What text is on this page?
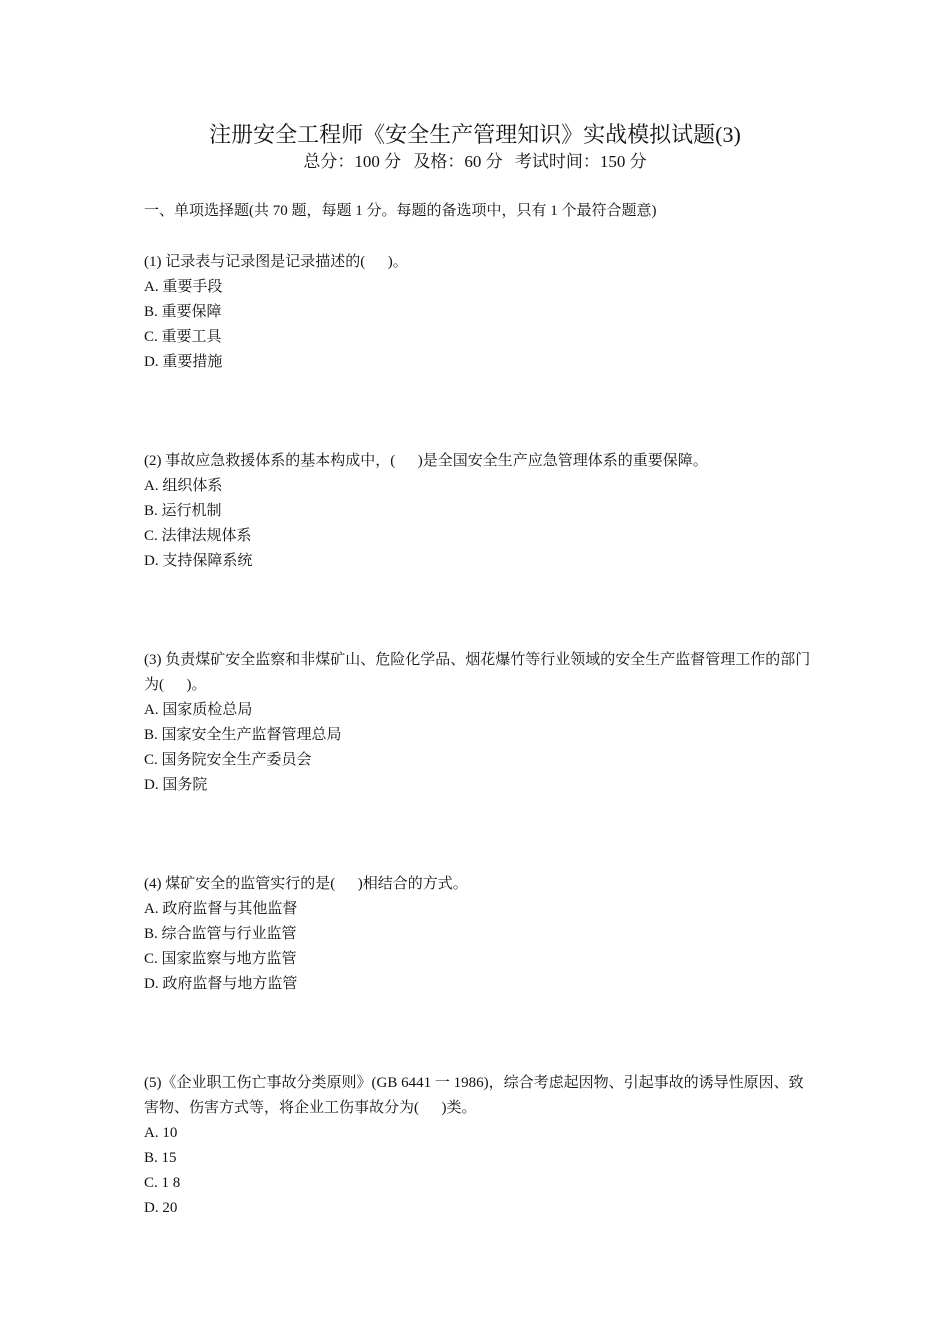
注册安全工程师《安全生产管理知识》实战模拟试题(3)
总分：100 分 及格：60 分 考试时间：150 分
一、单项选择题(共 70 题，每题 1 分。每题的备选项中，只有 1 个最符合题意)

(1) 记录表与记录图是记录描述的(      )。

A. 重要手段

B. 重要保障

C. 重要工具

D. 重要措施

(2) 事故应急救援体系的基本构成中，(      )是全国安全生产应急管理体系的重要保障。

A. 组织体系

B. 运行机制

C. 法律法规体系

D. 支持保障系统

(3) 负责煤矿安全监察和非煤矿山、危险化学品、烟花爆竹等行业领域的安全生产监督管理工作的部门为(      )。

A. 国家质检总局

B. 国家安全生产监督管理总局

C. 国务院安全生产委员会

D. 国务院

(4) 煤矿安全的监管实行的是(      )相结合的方式。

A. 政府监督与其他监督

B. 综合监管与行业监管

C. 国家监察与地方监管

D. 政府监督与地方监管

(5)《企业职工伤亡事故分类原则》(GB 6441 一 1986)，综合考虑起因物、引起事故的诱导性原因、致害物、伤害方式等，将企业工伤事故分为(      )类。

A. 10

B. 15

C. 1 8

D. 20
